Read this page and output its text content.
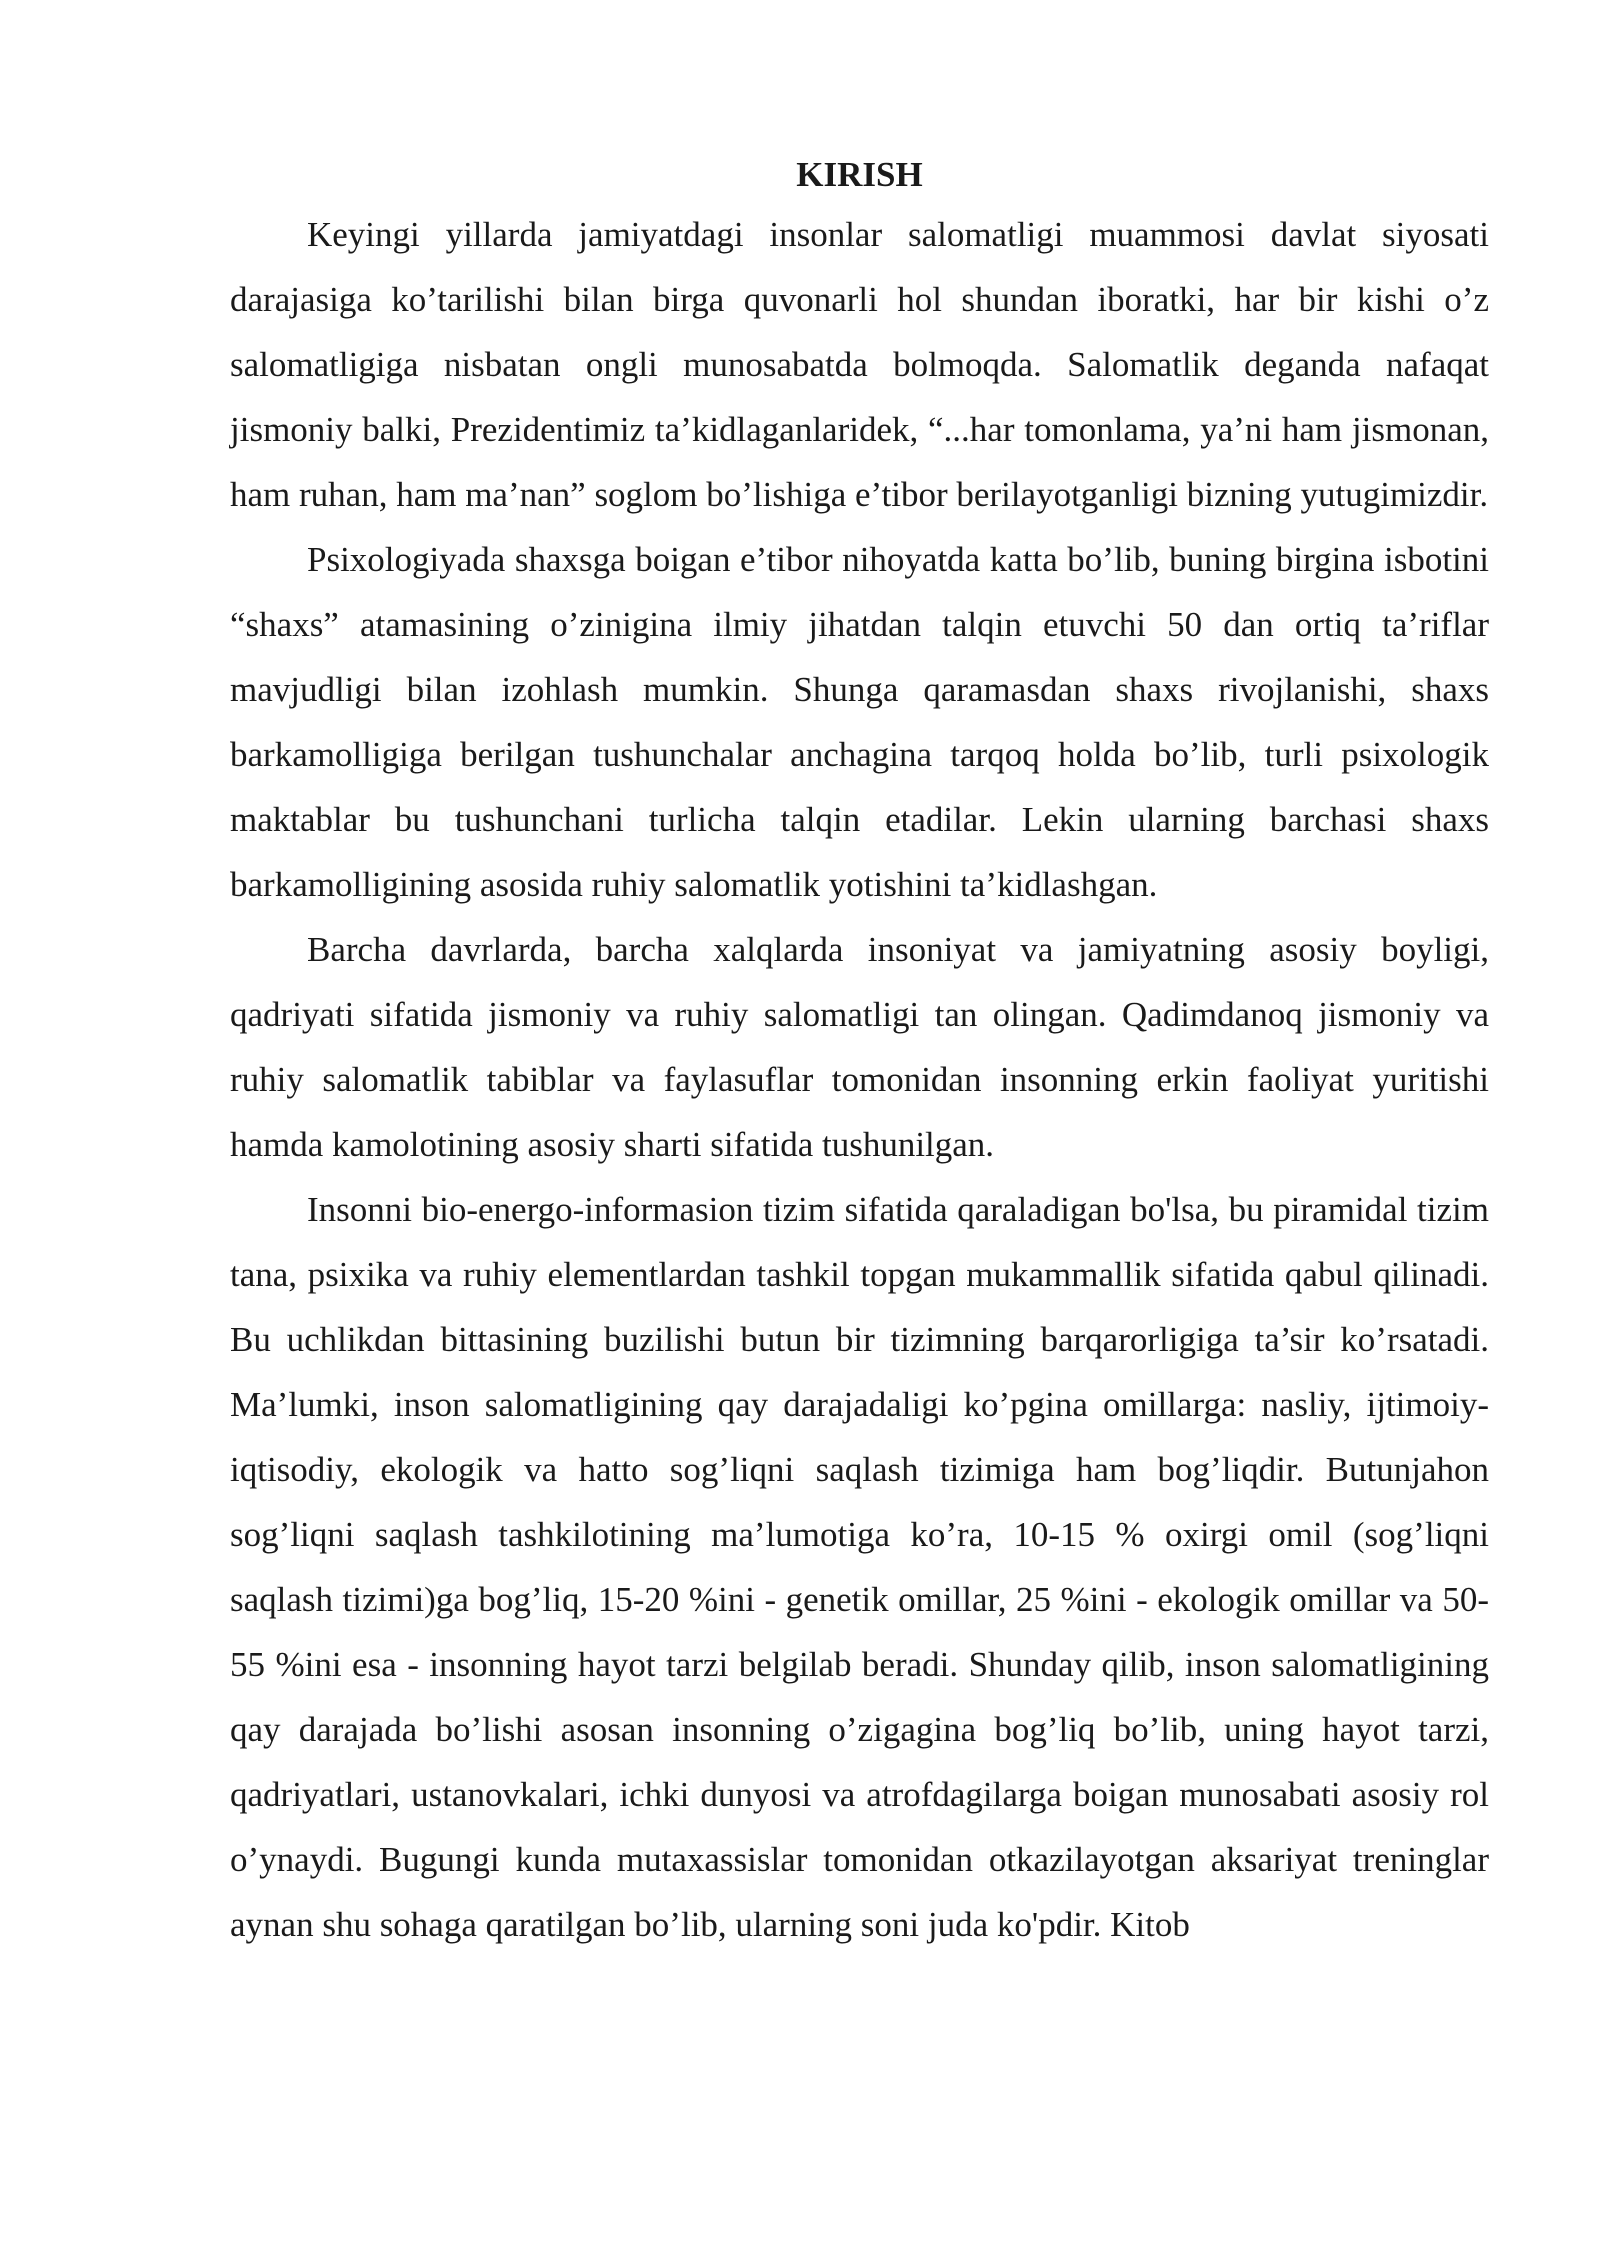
KIRISH

Keyingi yillarda jamiyatdagi insonlar salomatligi muammosi davlat siyosati darajasiga ko’tarilishi bilan birga quvonarli hol shundan iboratki, har bir kishi o’z salomatligiga nisbatan ongli munosabatda bolmoqda. Salomatlik deganda nafaqat jismoniy balki, Prezidentimiz ta’kidlaganlaridek, “...har tomonlama, ya’ni ham jismonan, ham ruhan, ham ma’nan” soglom bo’lishiga e’tibor berilayotganligi bizning yutugimizdir.

Psixologiyada shaxsga boigan e’tibor nihoyatda katta bo’lib, buning birgina isbotini “shaxs” atamasining o’zinigina ilmiy jihatdan talqin etuvchi 50 dan ortiq ta’riflar mavjudligi bilan izohlash mumkin. Shunga qaramasdan shaxs rivojlanishi, shaxs barkamolligiga berilgan tushunchalar anchagina tarqoq holda bo’lib, turli psixologik maktablar bu tushunchani turlicha talqin etadilar. Lekin ularning barchasi shaxs barkamolligining asosida ruhiy salomatlik yotishini ta’kidlashgan.

Barcha davrlarda, barcha xalqlarda insoniyat va jamiyatning asosiy boyligi, qadriyati sifatida jismoniy va ruhiy salomatligi tan olingan. Qadimdanoq jismoniy va ruhiy salomatlik tabiblar va faylasuflar tomonidan insonning erkin faoliyat yuritishi hamda kamolotining asosiy sharti sifatida tushunilgan.

Insonni bio-energo-informasion tizim sifatida qaraladigan bo'lsa, bu piramidal tizim tana, psixika va ruhiy elementlardan tashkil topgan mukammallik sifatida qabul qilinadi. Bu uchlikdan bittasining buzilishi butun bir tizimning barqarorligiga ta’sir ko’rsatadi. Ma’lumki, inson salomatligining qay darajadaligi ko’pgina omillarga: nasliy, ijtimoiy-iqtisodiy, ekologik va hatto sog’liqni saqlash tizimiga ham bog’liqdir. Butunjahon sog’liqni saqlash tashkilotining ma’lumotiga ko’ra, 10-15 % oxirgi omil (sog’liqni saqlash tizimi)ga bog’liq, 15-20 %ini - genetik omillar, 25 %ini - ekologik omillar va 50-55 %ini esa - insonning hayot tarzi belgilab beradi. Shunday qilib, inson salomatligining qay darajada bo’lishi asosan insonning o’zigagina bog’liq bo’lib, uning hayot tarzi, qadriyatlari, ustanovkalari, ichki dunyosi va atrofdagilarga boigan munosabati asosiy rol o’ynaydi. Bugungi kunda mutaxassislar tomonidan otkazilayotgan aksariyat treninglar aynan shu sohaga qaratilgan bo’lib, ularning soni juda ko'pdir. Kitob
